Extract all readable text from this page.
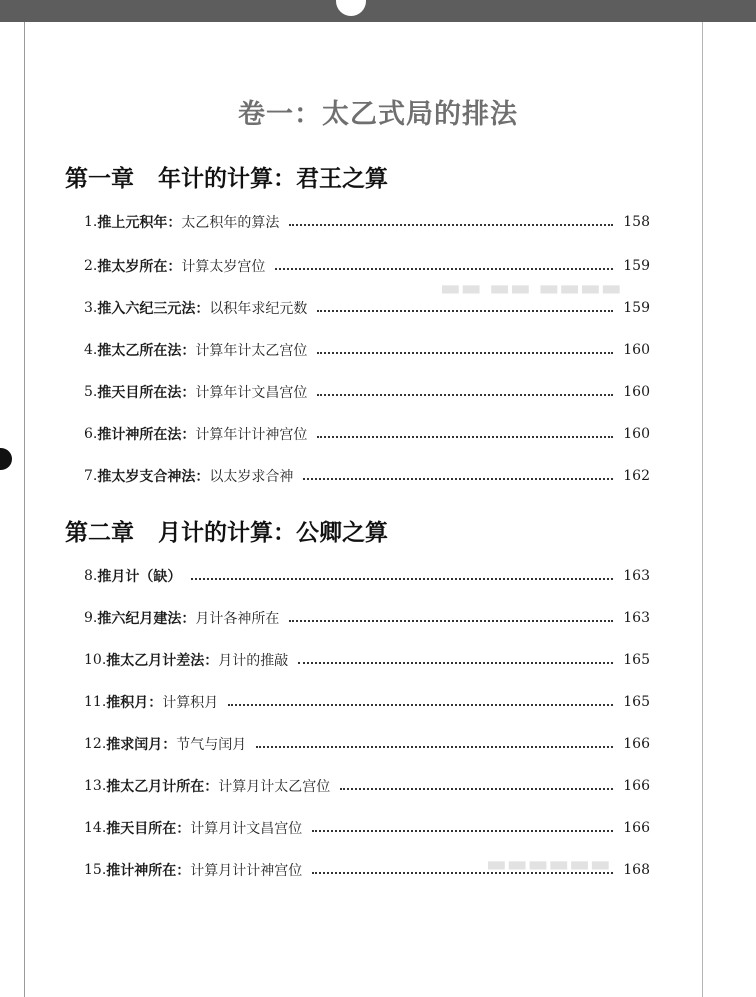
▬▬ ▬▬ ▬▬▬▬
▬▬▬▬▬▬
卷一：太乙式局的排法
第一章 年计的计算：君王之算
1. 推上元积年： 太乙积年的算法	158
2. 推太岁所在： 计算太岁宫位	159
3. 推入六纪三元法： 以积年求纪元数	159
4. 推太乙所在法： 计算年计太乙宫位	160
5. 推天目所在法： 计算年计文昌宫位	160
6. 推计神所在法： 计算年计计神宫位	160
7. 推太岁支合神法： 以太岁求合神	162
第二章 月计的计算：公卿之算
8. 推月计（缺）	163
9. 推六纪月建法： 月计各神所在	163
10. 推太乙月计差法： 月计的推敲	165
11. 推积月： 计算积月	165
12. 推求闰月： 节气与闰月	166
13. 推太乙月计所在： 计算月计太乙宫位	166
14. 推天目所在： 计算月计文昌宫位	166
15. 推计神所在： 计算月计计神宫位	168
